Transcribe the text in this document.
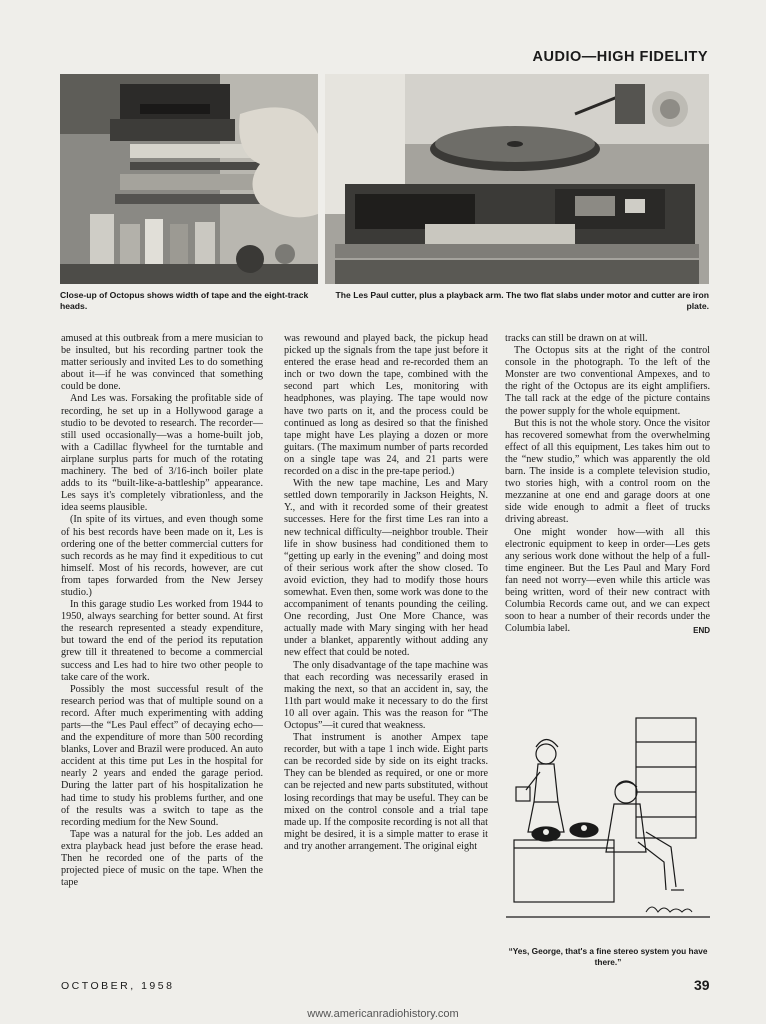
AUDIO—HIGH FIDELITY
Close-up of Octopus shows width of tape and the eight-track heads.
The Les Paul cutter, plus a playback arm. The two flat slabs under motor and cutter are iron plate.

amused at this outbreak from a mere musician to be insulted, but his recording partner took the matter seriously and invited Les to do something about it—if he was convinced that something could be done.

And Les was. Forsaking the profitable side of recording, he set up in a Hollywood garage a studio to be devoted to research. The recorder—still used occasionally—was a home-built job, with a Cadillac flywheel for the turntable and airplane surplus parts for much of the rotating machinery. The bed of 3/16-inch boiler plate adds to its “built-like-a-battleship” appearance. Les says it's completely vibrationless, and the idea seems plausible.

(In spite of its virtues, and even though some of his best records have been made on it, Les is ordering one of the better commercial cutters for such records as he may find it expeditious to cut himself. Most of his records, however, are cut from tapes forwarded from the New Jersey studio.)

In this garage studio Les worked from 1944 to 1950, always searching for better sound. At first the research represented a steady expenditure, but toward the end of the period its reputation grew till it threatened to become a commercial success and Les had to hire two other people to take care of the work.

Possibly the most successful result of the research period was that of multiple sound on a record. After much experimenting with adding parts—the “Les Paul effect” of decaying echo—and the expenditure of more than 500 recording blanks, Lover and Brazil were produced. An auto accident at this time put Les in the hospital for nearly 2 years and ended the garage period. During the latter part of his hospitalization he had time to study his problems further, and one of the results was a switch to tape as the recording medium for the New Sound.

Tape was a natural for the job. Les added an extra playback head just before the erase head. Then he recorded one of the parts of the projected piece of music on the tape. When the tape

was rewound and played back, the pickup head picked up the signals from the tape just before it entered the erase head and re-recorded them an inch or two down the tape, combined with the second part which Les, monitoring with headphones, was playing. The tape would now have two parts on it, and the process could be continued as long as desired so that the finished tape might have Les playing a dozen or more guitars. (The maximum number of parts recorded on a single tape was 24, and 21 parts were recorded on a disc in the pre-tape period.)

With the new tape machine, Les and Mary settled down temporarily in Jackson Heights, N. Y., and with it recorded some of their greatest successes. Here for the first time Les ran into a new technical difficulty—neighbor trouble. Their life in show business had conditioned them to “getting up early in the evening” and doing most of their serious work after the show closed. To avoid eviction, they had to modify those hours somewhat. Even then, some work was done to the accompaniment of tenants pounding the ceiling. One recording, Just One More Chance, was actually made with Mary singing with her head under a blanket, apparently without adding any new effect that could be noted.

The only disadvantage of the tape machine was that each recording was necessarily erased in making the next, so that an accident in, say, the 11th part would make it necessary to do the first 10 all over again. This was the reason for “The Octopus”—it cured that weakness.

That instrument is another Ampex tape recorder, but with a tape 1 inch wide. Eight parts can be recorded side by side on its eight tracks. They can be blended as required, or one or more can be rejected and new parts substituted, without losing recordings that may be useful. They can be mixed on the control console and a trial tape made up. If the composite recording is not all that might be desired, it is a simple matter to erase it and try another arrangement. The original eight

tracks can still be drawn on at will.

The Octopus sits at the right of the control console in the photograph. To the left of the Monster are two conventional Ampexes, and to the right of the Octopus are its eight amplifiers. The tall rack at the edge of the picture contains the power supply for the whole equipment.

But this is not the whole story. Once the visitor has recovered somewhat from the overwhelming effect of all this equipment, Les takes him out to the “new studio,” which was apparently the old barn. The inside is a complete television studio, two stories high, with a control room on the mezzanine at one end and garage doors at one side wide enough to admit a fleet of trucks driving abreast.

One might wonder how—with all this electronic equipment to keep in order—Les gets any serious work done without the help of a full-time engineer. But the Les Paul and Mary Ford fan need not worry—even while this article was being written, word of their new contract with Columbia Records came out, and we can expect soon to hear a number of their records under the Columbia label.	END

“Yes, George, that's a fine stereo system you have there.”
OCTOBER, 1958	39
www.americanradiohistory.com
